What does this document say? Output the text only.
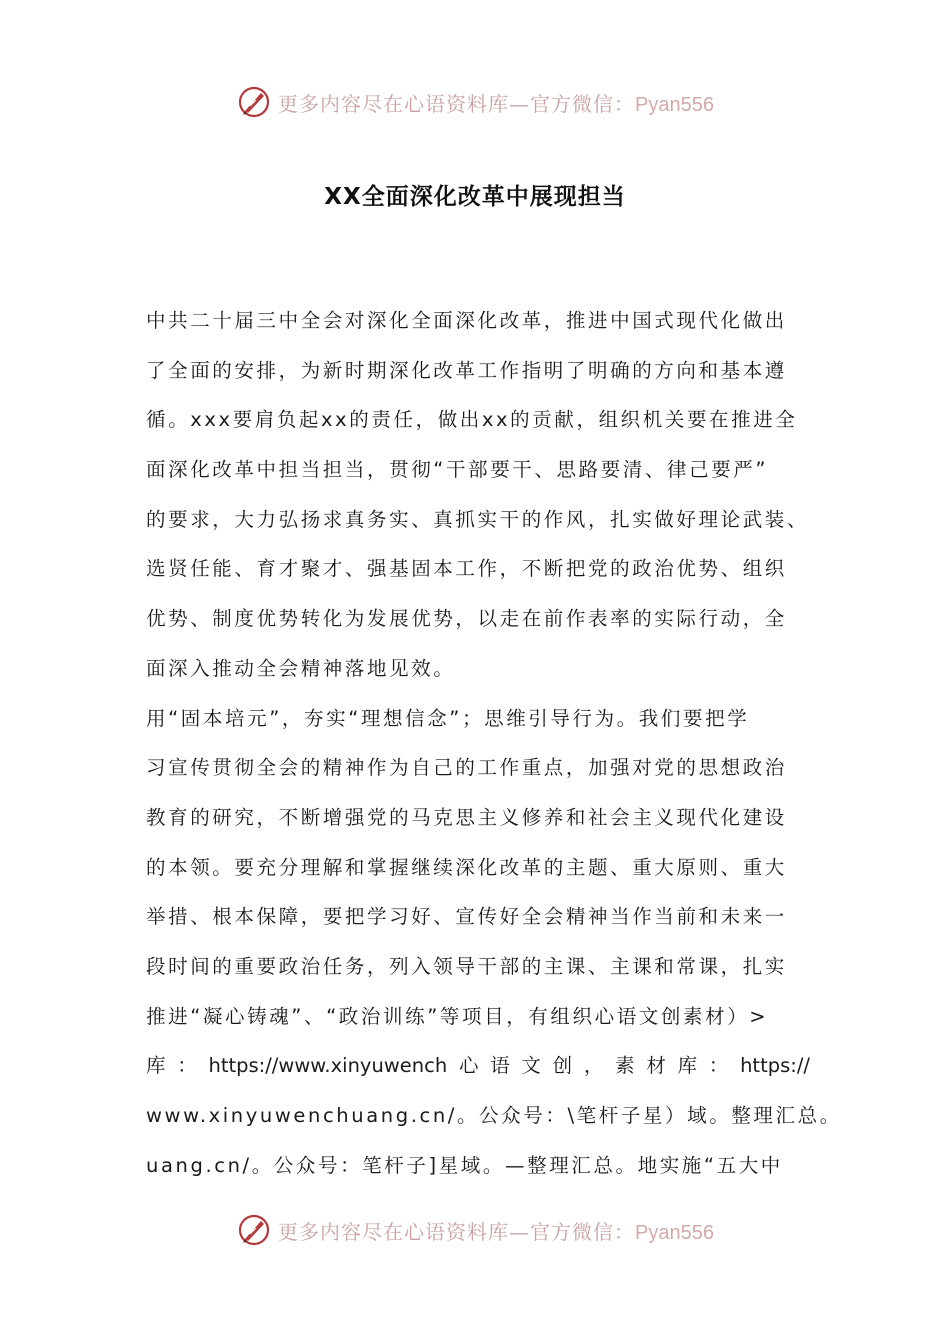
更多内容尽在心语资料库—官方微信：Pyan556
XX全面深化改革中展现担当
中共二十届三中全会对深化全面深化改革，推进中国式现代化做出
了全面的安排，为新时期深化改革工作指明了明确的方向和基本遵
循。xxx要肩负起xx的责任，做出xx的贡献，组织机关要在推进全
面深化改革中担当担当，贯彻“干部要干、思路要清、律己要严”
的要求，大力弘扬求真务实、真抓实干的作风，扎实做好理论武装、
选贤任能、育才聚才、强基固本工作，不断把党的政治优势、组织
优势、制度优势转化为发展优势，以走在前作表率的实际行动，全
面深入推动全会精神落地见效。
用“固本培元”，夯实“理想信念”；思维引导行为。我们要把学
习宣传贯彻全会的精神作为自己的工作重点，加强对党的思想政治
教育的研究，不断增强党的马克思主义修养和社会主义现代化建设
的本领。要充分理解和掌握继续深化改革的主题、重大原则、重大
举措、根本保障，要把学习好、宣传好全会精神当作当前和未来一
段时间的重要政治任务，列入领导干部的主课、主课和常课，扎实
推进“凝心铸魂”、“政治训练”等项目，有组织心语文创素材）>
库 ： https://www.xinyuwench 心 语 文 创 ， 素 材 库 ： https://
www.xinyuwenchuang.cn/。公众号：\笔杆子星）域。整理汇总。
uang.cn/。公众号：笔杆子]星域。—整理汇总。地实施“五大中
更多内容尽在心语资料库—官方微信：Pyan556
